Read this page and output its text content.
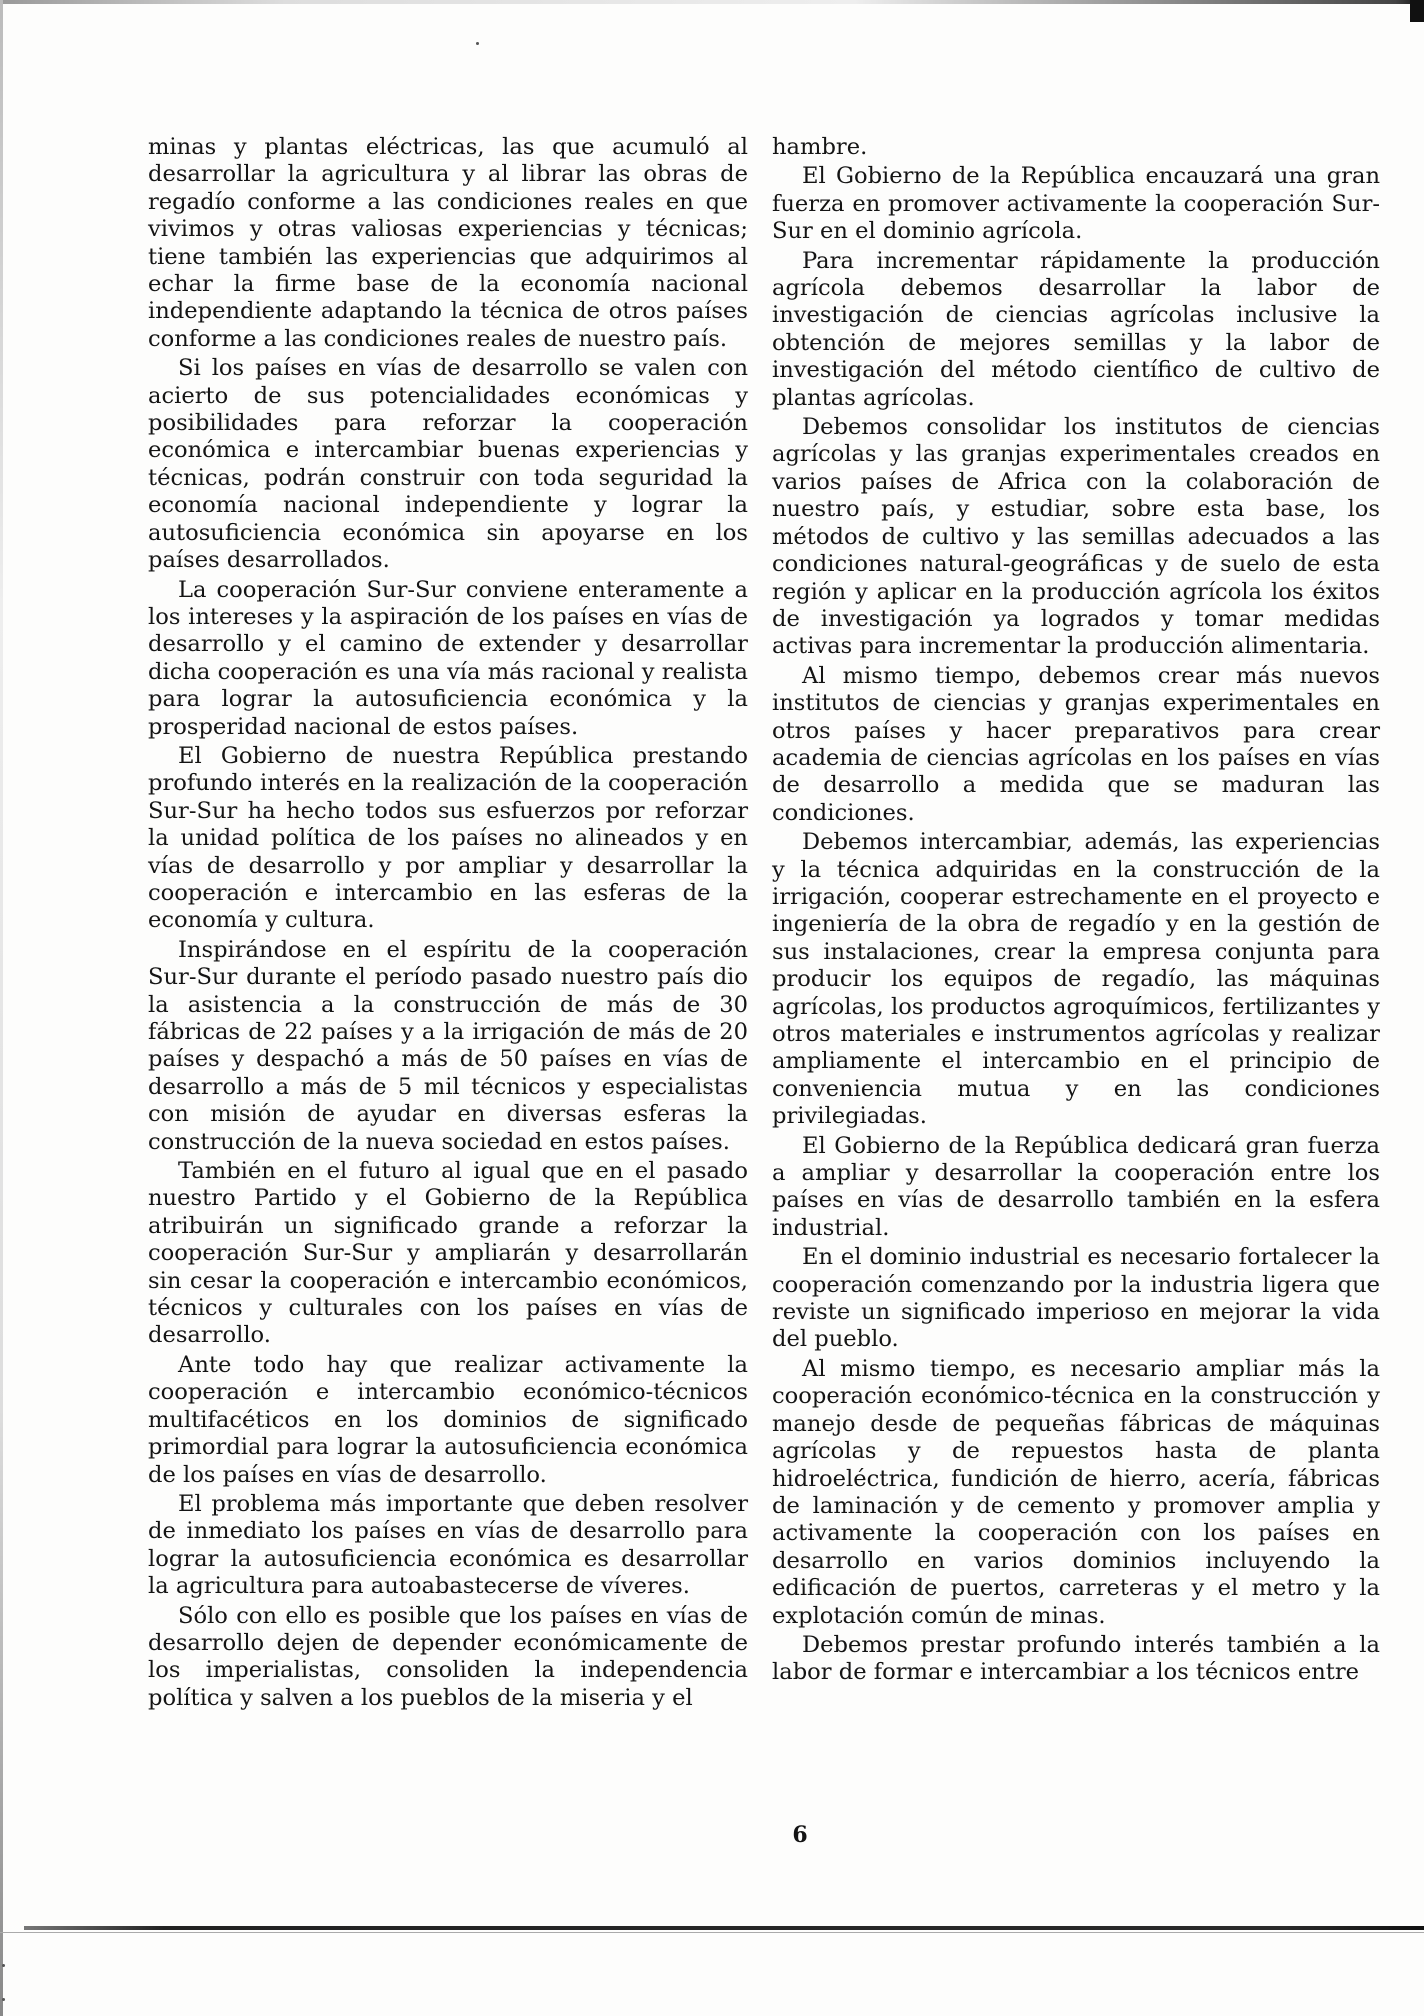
minas y plantas eléctricas, las que acumuló al desarrollar la agricultura y al librar las obras de regadío conforme a las condiciones reales en que vivimos y otras valiosas experiencias y técnicas; tiene también las experiencias que adquirimos al echar la firme base de la economía nacional independiente adaptando la técnica de otros países conforme a las condiciones reales de nuestro país.

Si los países en vías de desarrollo se valen con acierto de sus potencialidades económicas y posibilidades para reforzar la cooperación económica e intercambiar buenas experiencias y técnicas, podrán construir con toda seguridad la economía nacional independiente y lograr la autosuficiencia económica sin apoyarse en los países desarrollados.

La cooperación Sur-Sur conviene enteramente a los intereses y la aspiración de los países en vías de desarrollo y el camino de extender y desarrollar dicha cooperación es una vía más racional y realista para lograr la autosuficiencia económica y la prosperidad nacional de estos países.

El Gobierno de nuestra República prestando profundo interés en la realización de la cooperación Sur-Sur ha hecho todos sus esfuerzos por reforzar la unidad política de los países no alineados y en vías de desarrollo y por ampliar y desarrollar la cooperación e intercambio en las esferas de la economía y cultura.

Inspirándose en el espíritu de la cooperación Sur-Sur durante el período pasado nuestro país dio la asistencia a la construcción de más de 30 fábricas de 22 países y a la irrigación de más de 20 países y despachó a más de 50 países en vías de desarrollo a más de 5 mil técnicos y especialistas con misión de ayudar en diversas esferas la construcción de la nueva sociedad en estos países.

También en el futuro al igual que en el pasado nuestro Partido y el Gobierno de la República atribuirán un significado grande a reforzar la cooperación Sur-Sur y ampliarán y desarrollarán sin cesar la cooperación e intercambio económicos, técnicos y culturales con los países en vías de desarrollo.

Ante todo hay que realizar activamente la cooperación e intercambio económico-técnicos multifacéticos en los dominios de significado primordial para lograr la autosuficiencia económica de los países en vías de desarrollo.

El problema más importante que deben resolver de inmediato los países en vías de desarrollo para lograr la autosuficiencia económica es desarrollar la agricultura para autoabastecerse de víveres.

Sólo con ello es posible que los países en vías de desarrollo dejen de depender económicamente de los imperialistas, consoliden la independencia política y salven a los pueblos de la miseria y el

hambre.

El Gobierno de la República encauzará una gran fuerza en promover activamente la cooperación Sur-Sur en el dominio agrícola.

Para incrementar rápidamente la producción agrícola debemos desarrollar la labor de investigación de ciencias agrícolas inclusive la obtención de mejores semillas y la labor de investigación del método científico de cultivo de plantas agrícolas.

Debemos consolidar los institutos de ciencias agrícolas y las granjas experimentales creados en varios países de Africa con la colaboración de nuestro país, y estudiar, sobre esta base, los métodos de cultivo y las semillas adecuados a las condiciones natural-geográficas y de suelo de esta región y aplicar en la producción agrícola los éxitos de investigación ya logrados y tomar medidas activas para incrementar la producción alimentaria.

Al mismo tiempo, debemos crear más nuevos institutos de ciencias y granjas experimentales en otros países y hacer preparativos para crear academia de ciencias agrícolas en los países en vías de desarrollo a medida que se maduran las condiciones.

Debemos intercambiar, además, las experiencias y la técnica adquiridas en la construcción de la irrigación, cooperar estrechamente en el proyecto e ingeniería de la obra de regadío y en la gestión de sus instalaciones, crear la empresa conjunta para producir los equipos de regadío, las máquinas agrícolas, los productos agroquímicos, fertilizantes y otros materiales e instrumentos agrícolas y realizar ampliamente el intercambio en el principio de conveniencia mutua y en las condiciones privilegiadas.

El Gobierno de la República dedicará gran fuerza a ampliar y desarrollar la cooperación entre los países en vías de desarrollo también en la esfera industrial.

En el dominio industrial es necesario fortalecer la cooperación comenzando por la industria ligera que reviste un significado imperioso en mejorar la vida del pueblo.

Al mismo tiempo, es necesario ampliar más la cooperación económico-técnica en la construcción y manejo desde de pequeñas fábricas de máquinas agrícolas y de repuestos hasta de planta hidroeléctrica, fundición de hierro, acería, fábricas de laminación y de cemento y promover amplia y activamente la cooperación con los países en desarrollo en varios dominios incluyendo la edificación de puertos, carreteras y el metro y la explotación común de minas.

Debemos prestar profundo interés también a la labor de formar e intercambiar a los técnicos entre

6
